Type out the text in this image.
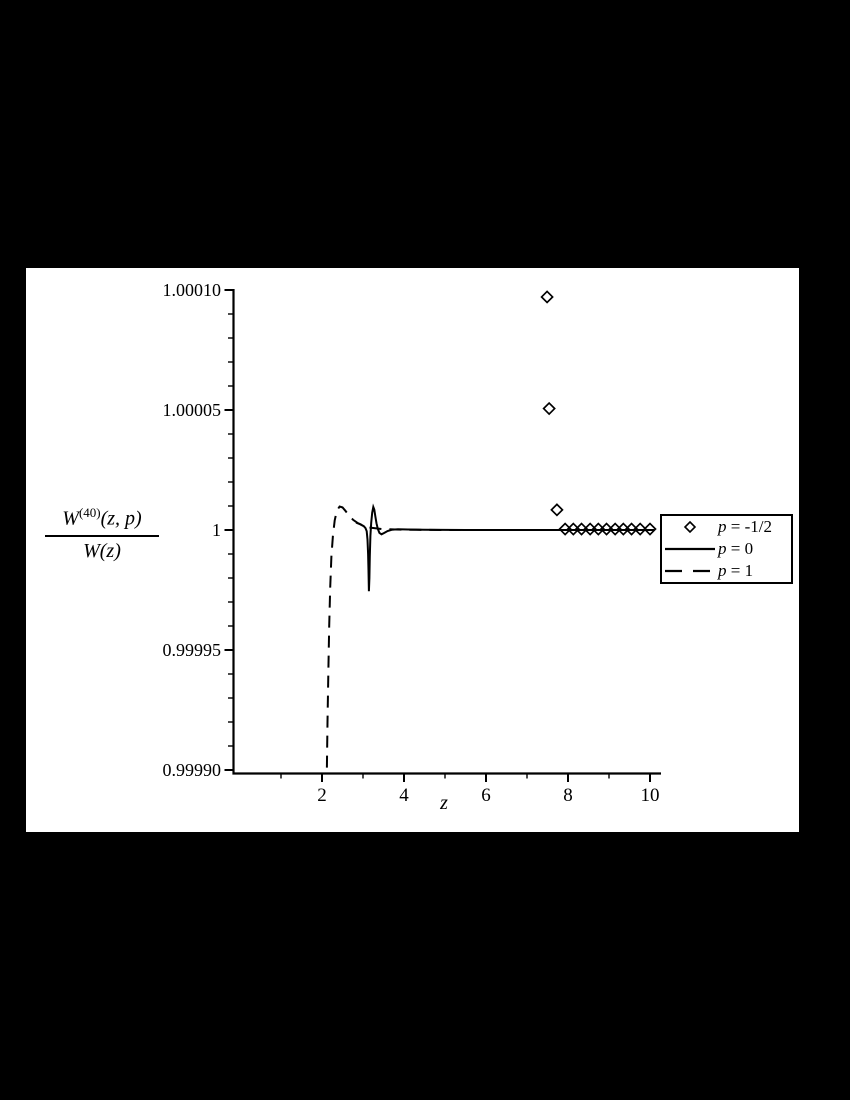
2	4	6	8	10
0.99990
0.99995
1
1.00005
1.00010
$W^{(40)}(z$, p)
W(z)
z
p = -1/2
p = 0
p = 1
